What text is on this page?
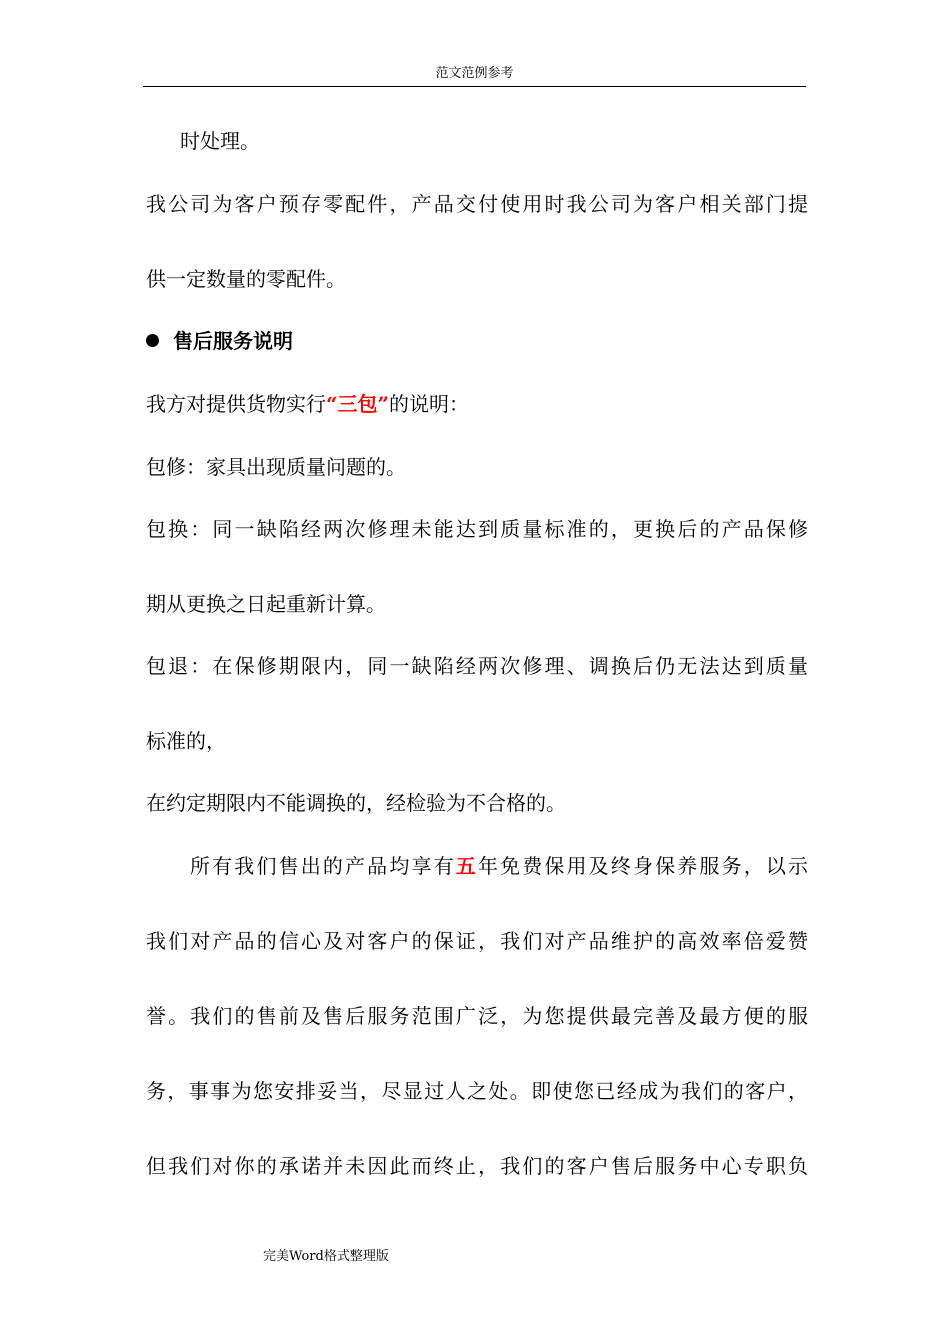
范文范例参考
时处理。
我公司为客户预存零配件，产品交付使用时我公司为客户相关部门提
供一定数量的零配件。
售后服务说明
我方对提供货物实行“三包”的说明：
包修：家具出现质量问题的。
包换：同一缺陷经两次修理未能达到质量标准的，更换后的产品保修
期从更换之日起重新计算。
包退：在保修期限内，同一缺陷经两次修理、调换后仍无法达到质量
标准的，
在约定期限内不能调换的，经检验为不合格的。
所有我们售出的产品均享有五年免费保用及终身保养服务，以示
我们对产品的信心及对客户的保证，我们对产品维护的高效率倍爱赞
誉。我们的售前及售后服务范围广泛，为您提供最完善及最方便的服
务，事事为您安排妥当，尽显过人之处。即使您已经成为我们的客户，
但我们对你的承诺并未因此而终止，我们的客户售后服务中心专职负
完美Word格式整理版
